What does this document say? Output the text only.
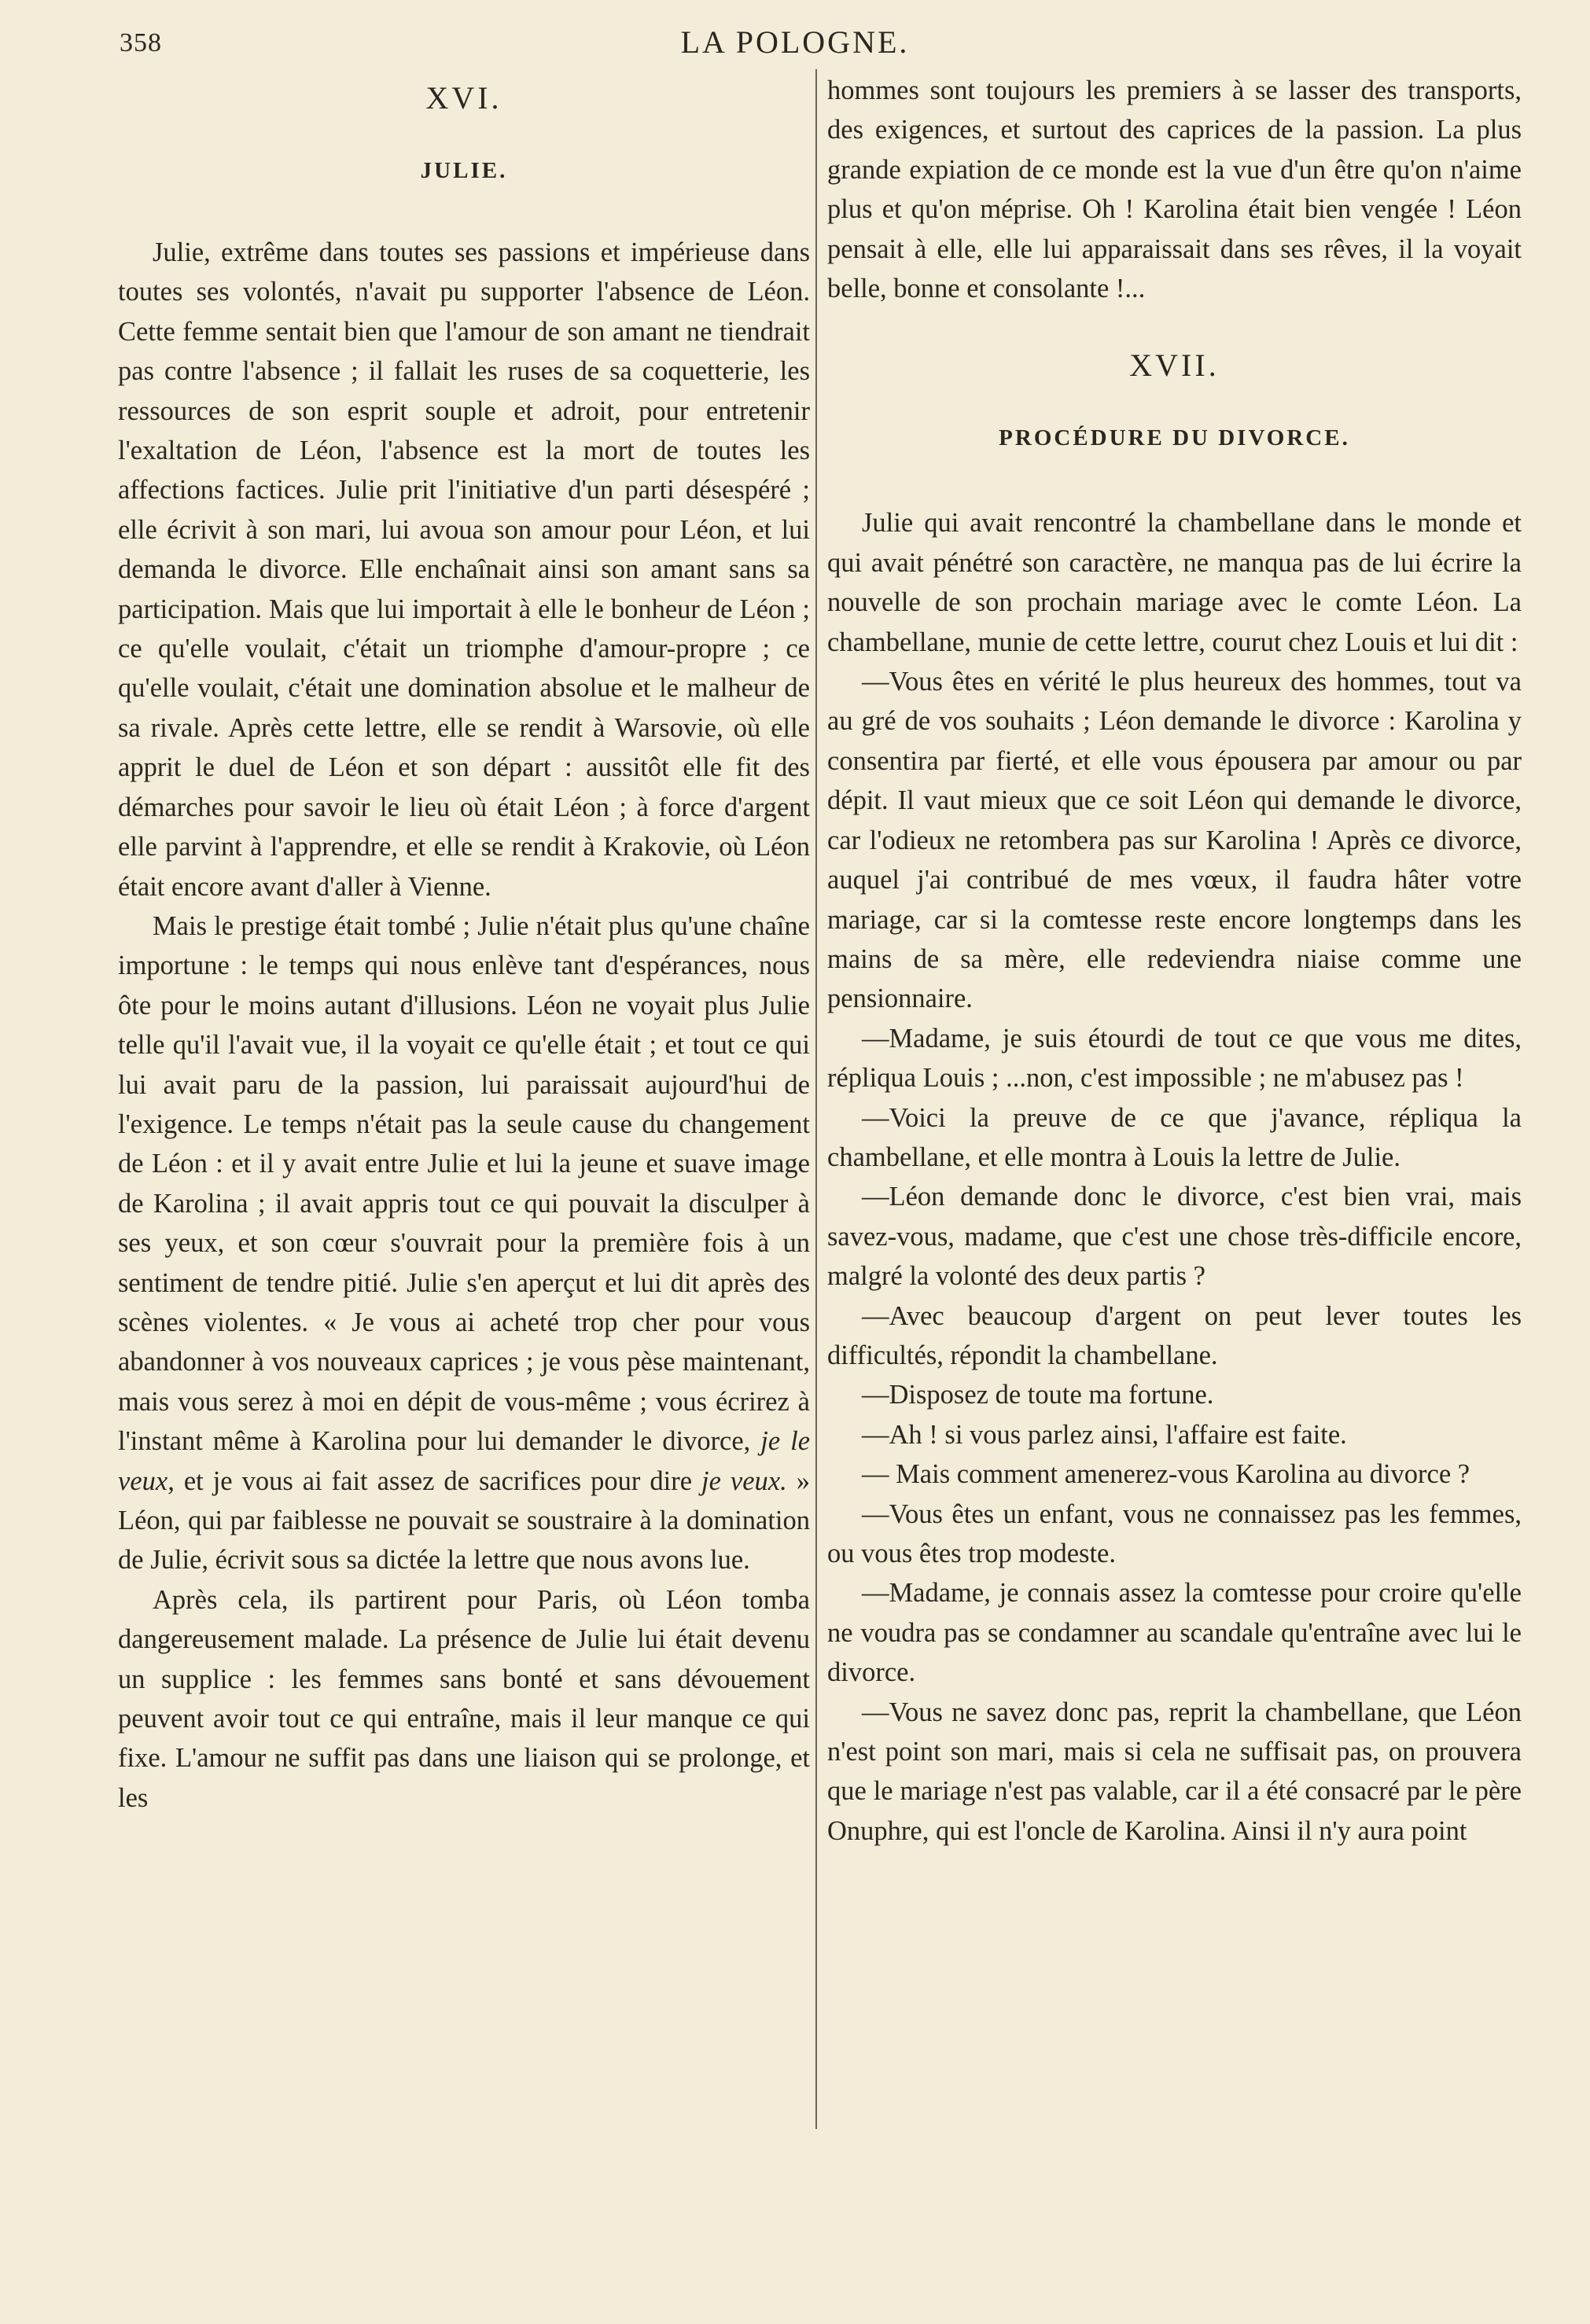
358	LA POLOGNE.

XVI.

JULIE.

Julie, extrême dans toutes ses passions et impérieuse dans toutes ses volontés, n'avait pu supporter l'absence de Léon. Cette femme sentait bien que l'amour de son amant ne tiendrait pas contre l'absence ; il fallait les ruses de sa coquetterie, les ressources de son esprit souple et adroit, pour entretenir l'exaltation de Léon, l'absence est la mort de toutes les affections factices. Julie prit l'initiative d'un parti désespéré ; elle écrivit à son mari, lui avoua son amour pour Léon, et lui demanda le divorce. Elle enchaînait ainsi son amant sans sa participation. Mais que lui importait à elle le bonheur de Léon ; ce qu'elle voulait, c'était un triomphe d'amour-propre ; ce qu'elle voulait, c'était une domination absolue et le malheur de sa rivale. Après cette lettre, elle se rendit à Warsovie, où elle apprit le duel de Léon et son départ : aussitôt elle fit des démarches pour savoir le lieu où était Léon ; à force d'argent elle parvint à l'apprendre, et elle se rendit à Krakovie, où Léon était encore avant d'aller à Vienne.

Mais le prestige était tombé ; Julie n'était plus qu'une chaîne importune : le temps qui nous enlève tant d'espérances, nous ôte pour le moins autant d'illusions. Léon ne voyait plus Julie telle qu'il l'avait vue, il la voyait ce qu'elle était ; et tout ce qui lui avait paru de la passion, lui paraissait aujourd'hui de l'exigence. Le temps n'était pas la seule cause du changement de Léon : et il y avait entre Julie et lui la jeune et suave image de Karolina ; il avait appris tout ce qui pouvait la disculper à ses yeux, et son cœur s'ouvrait pour la première fois à un sentiment de tendre pitié. Julie s'en aperçut et lui dit après des scènes violentes. « Je vous ai acheté trop cher pour vous abandonner à vos nouveaux caprices ; je vous pèse maintenant, mais vous serez à moi en dépit de vous-même ; vous écrirez à l'instant même à Karolina pour lui demander le divorce, je le veux, et je vous ai fait assez de sacrifices pour dire je veux. » Léon, qui par faiblesse ne pouvait se soustraire à la domination de Julie, écrivit sous sa dictée la lettre que nous avons lue.

Après cela, ils partirent pour Paris, où Léon tomba dangereusement malade. La présence de Julie lui était devenu un supplice : les femmes sans bonté et sans dévouement peuvent avoir tout ce qui entraîne, mais il leur manque ce qui fixe. L'amour ne suffit pas dans une liaison qui se prolonge, et les

hommes sont toujours les premiers à se lasser des transports, des exigences, et surtout des caprices de la passion. La plus grande expiation de ce monde est la vue d'un être qu'on n'aime plus et qu'on méprise. Oh ! Karolina était bien vengée ! Léon pensait à elle, elle lui apparaissait dans ses rêves, il la voyait belle, bonne et consolante !...

XVII.

PROCÉDURE DU DIVORCE.

Julie qui avait rencontré la chambellane dans le monde et qui avait pénétré son caractère, ne manqua pas de lui écrire la nouvelle de son prochain mariage avec le comte Léon. La chambellane, munie de cette lettre, courut chez Louis et lui dit :

—Vous êtes en vérité le plus heureux des hommes, tout va au gré de vos souhaits ; Léon demande le divorce : Karolina y consentira par fierté, et elle vous épousera par amour ou par dépit. Il vaut mieux que ce soit Léon qui demande le divorce, car l'odieux ne retombera pas sur Karolina ! Après ce divorce, auquel j'ai contribué de mes vœux, il faudra hâter votre mariage, car si la comtesse reste encore longtemps dans les mains de sa mère, elle redeviendra niaise comme une pensionnaire.

—Madame, je suis étourdi de tout ce que vous me dites, répliqua Louis ; ...non, c'est impossible ; ne m'abusez pas !

—Voici la preuve de ce que j'avance, répliqua la chambellane, et elle montra à Louis la lettre de Julie.

—Léon demande donc le divorce, c'est bien vrai, mais savez-vous, madame, que c'est une chose très-difficile encore, malgré la volonté des deux partis ?

—Avec beaucoup d'argent on peut lever toutes les difficultés, répondit la chambellane.

—Disposez de toute ma fortune.

—Ah ! si vous parlez ainsi, l'affaire est faite.

— Mais comment amenerez-vous Karolina au divorce ?

—Vous êtes un enfant, vous ne connaissez pas les femmes, ou vous êtes trop modeste.

—Madame, je connais assez la comtesse pour croire qu'elle ne voudra pas se condamner au scandale qu'entraîne avec lui le divorce.

—Vous ne savez donc pas, reprit la chambellane, que Léon n'est point son mari, mais si cela ne suffisait pas, on prouvera que le mariage n'est pas valable, car il a été consacré par le père Onuphre, qui est l'oncle de Karolina. Ainsi il n'y aura point
